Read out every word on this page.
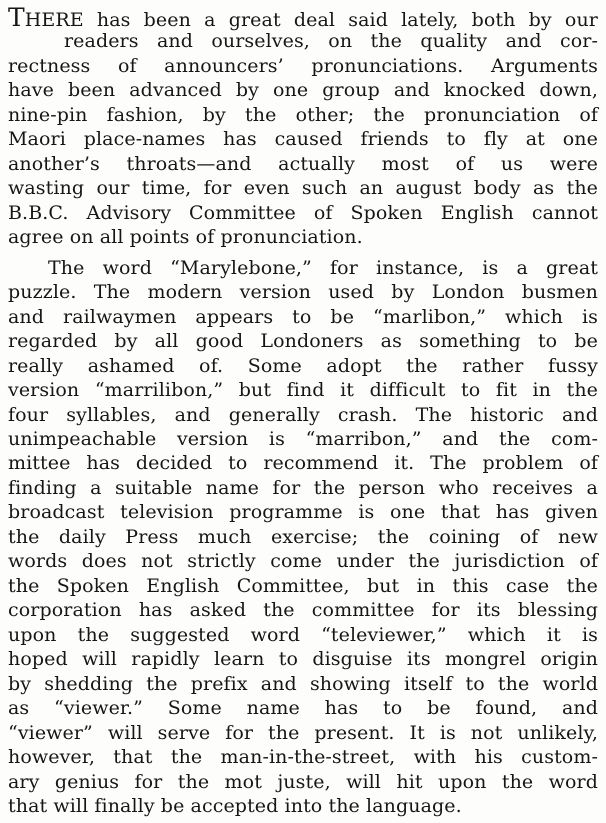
THERE has been a great deal said lately, both by our
readers and ourselves, on the quality and cor-
rectness of announcers’ pronunciations. Arguments
have been advanced by one group and knocked down,
nine-pin fashion, by the other; the pronunciation of
Maori place-names has caused friends to fly at one
another’s throats—and actually most of us were
wasting our time, for even such an august body as the
B.B.C. Advisory Committee of Spoken English cannot
agree on all points of pronunciation.
The word “Marylebone,” for instance, is a great
puzzle. The modern version used by London busmen
and railwaymen appears to be “marlibon,” which is
regarded by all good Londoners as something to be
really ashamed of. Some adopt the rather fussy
version “marrilibon,” but find it difficult to fit in the
four syllables, and generally crash. The historic and
unimpeachable version is “marribon,” and the com-
mittee has decided to recommend it. The problem of
finding a suitable name for the person who receives a
broadcast television programme is one that has given
the daily Press much exercise; the coining of new
words does not strictly come under the jurisdiction of
the Spoken English Committee, but in this case the
corporation has asked the committee for its blessing
upon the suggested word “televiewer,” which it is
hoped will rapidly learn to disguise its mongrel origin
by shedding the prefix and showing itself to the world
as “viewer.” Some name has to be found, and
“viewer” will serve for the present. It is not unlikely,
however, that the man-in-the-street, with his custom-
ary genius for the mot juste, will hit upon the word
that will finally be accepted into the language.
